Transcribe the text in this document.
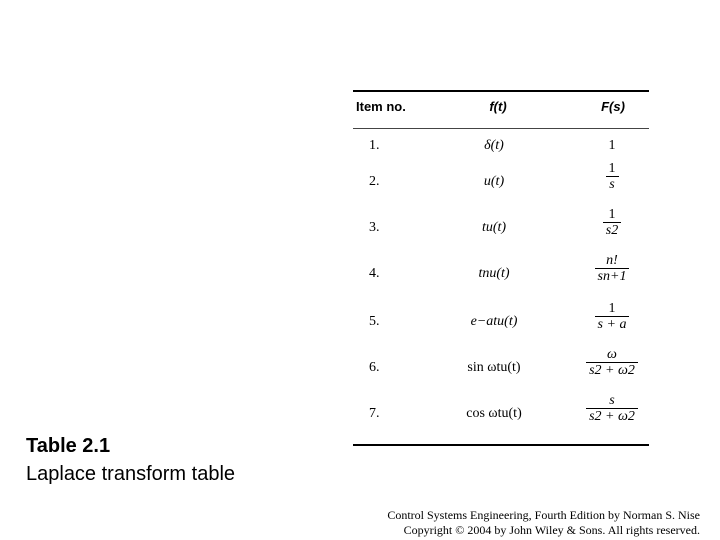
Item no.	f(t)	F(s)
1.	δ(t)	1
2.	u(t)	$\frac{1}{s}$
3.	tu(t)	$\frac{1}{s2}$
4.	tnu(t)	$\frac{n!}{sn+1}$
5.	e−atu(t)	$\frac{1}{s + a}$
6.	sin ωtu(t)	$\frac{\omega}{s2 + \omega 2}$
7.	cos ωtu(t)	$\frac{s}{s2 + \omega 2}$
Table 2.1
Laplace transform table
Control Systems Engineering, Fourth Edition by Norman S. Nise
Copyright © 2004 by John Wiley & Sons. All rights reserved.
